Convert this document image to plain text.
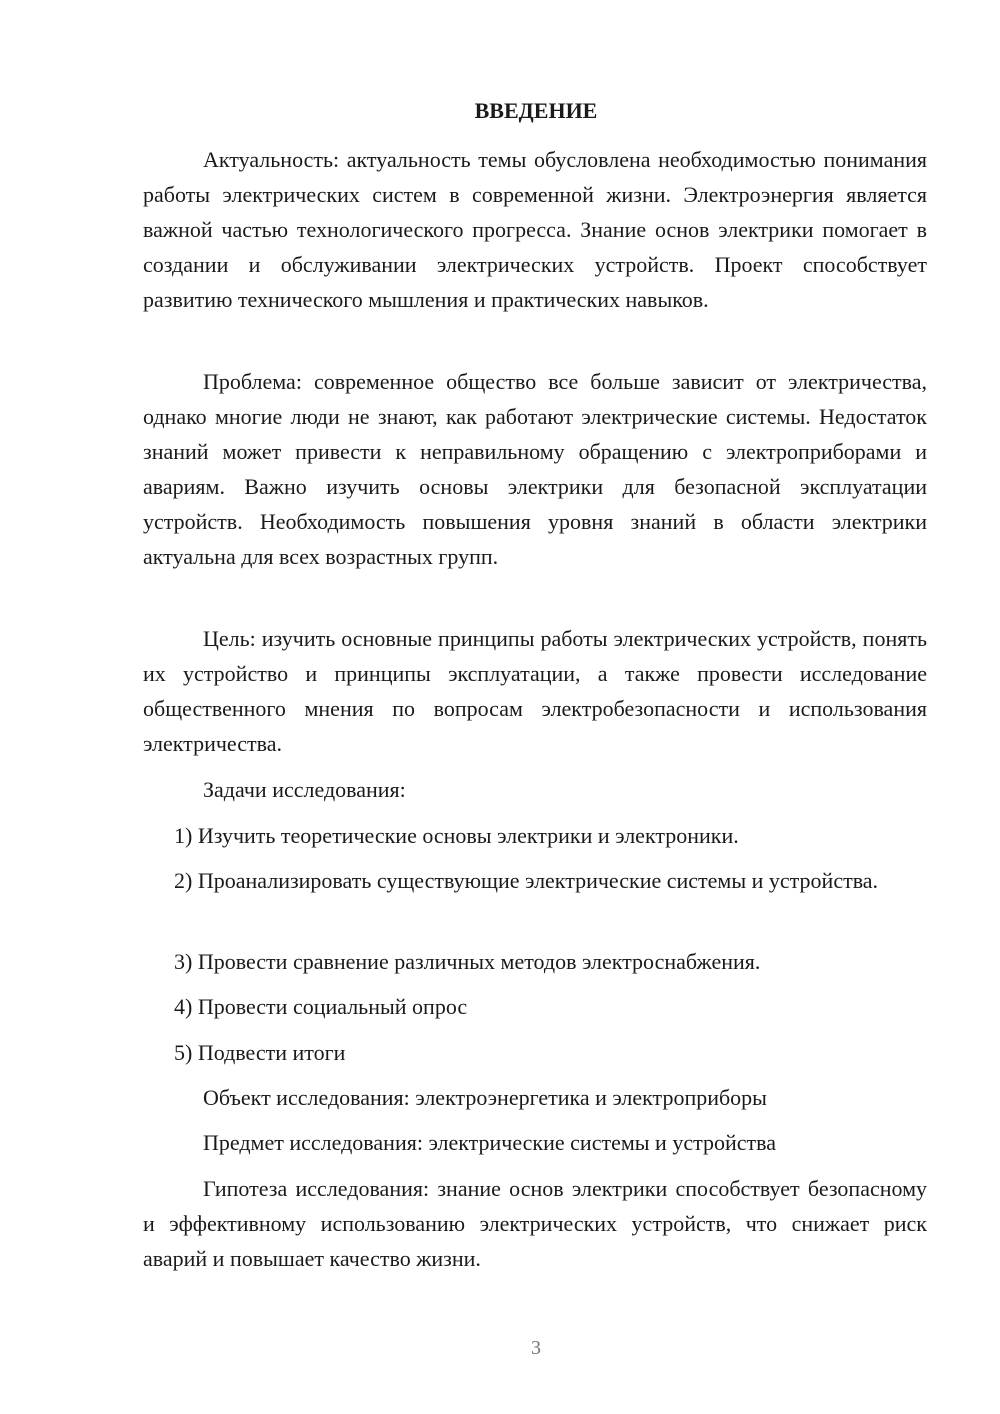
ВВЕДЕНИЕ
Актуальность: актуальность темы обусловлена необходимостью понимания работы электрических систем в современной жизни. Электроэнергия является важной частью технологического прогресса. Знание основ электрики помогает в создании и обслуживании электрических устройств. Проект способствует развитию технического мышления и практических навыков.
Проблема: современное общество все больше зависит от электричества, однако многие люди не знают, как работают электрические системы. Недостаток знаний может привести к неправильному обращению с электроприборами и авариям. Важно изучить основы электрики для безопасной эксплуатации устройств. Необходимость повышения уровня знаний в области электрики актуальна для всех возрастных групп.
Цель: изучить основные принципы работы электрических устройств, понять их устройство и принципы эксплуатации, а также провести исследование общественного мнения по вопросам электробезопасности и использования электричества.
Задачи исследования:
1) Изучить теоретические основы электрики и электроники.
2) Проанализировать существующие электрические системы и устройства.
3) Провести сравнение различных методов электроснабжения.
4) Провести социальный опрос
5) Подвести итоги
Объект исследования: электроэнергетика и электроприборы
Предмет исследования: электрические системы и устройства
Гипотеза исследования: знание основ электрики способствует безопасному и эффективному использованию электрических устройств, что снижает риск аварий и повышает качество жизни.
3
